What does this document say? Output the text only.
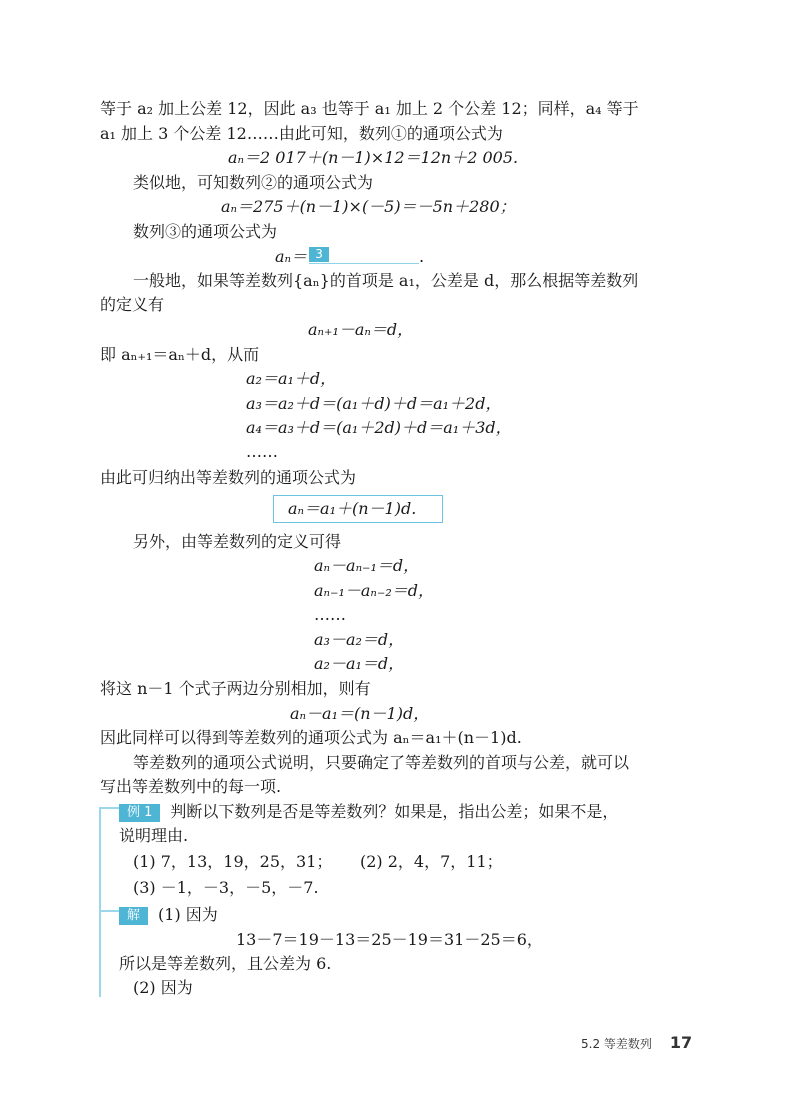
等于 a₂ 加上公差 12，因此 a₃ 也等于 a₁ 加上 2 个公差 12；同样，a₄ 等于
a₁ 加上 3 个公差 12……由此可知，数列①的通项公式为
aₙ＝2 017＋(n－1)×12＝12n＋2 005.
类似地，可知数列②的通项公式为
aₙ＝275＋(n－1)×(－5)＝－5n＋280；
数列③的通项公式为
aₙ＝ 3	.
一般地，如果等差数列{aₙ}的首项是 a₁，公差是 d，那么根据等差数列
的定义有
aₙ₊₁－aₙ＝d，
即 aₙ₊₁＝aₙ＋d，从而
a₂＝a₁＋d，
a₃＝a₂＋d＝(a₁＋d)＋d＝a₁＋2d，
a₄＝a₃＋d＝(a₁＋2d)＋d＝a₁＋3d，
……
由此可归纳出等差数列的通项公式为
aₙ＝a₁＋(n－1)d.
另外，由等差数列的定义可得
aₙ－aₙ₋₁＝d，
aₙ₋₁－aₙ₋₂＝d，
……
a₃－a₂＝d，
a₂－a₁＝d，
将这 n－1 个式子两边分别相加，则有
aₙ－a₁＝(n－1)d，
因此同样可以得到等差数列的通项公式为 aₙ＝a₁＋(n－1)d.
等差数列的通项公式说明，只要确定了等差数列的首项与公差，就可以
写出等差数列中的每一项.
例 1 判断以下数列是否是等差数列？如果是，指出公差；如果不是，
说明理由.
(1) 7，13，19，25，31； (2) 2，4，7，11；
(3) －1，－3，－5，－7.
解 (1) 因为
13－7＝19－13＝25－19＝31－25＝6，
所以是等差数列，且公差为 6.
(2) 因为
5.2 等差数列 17
